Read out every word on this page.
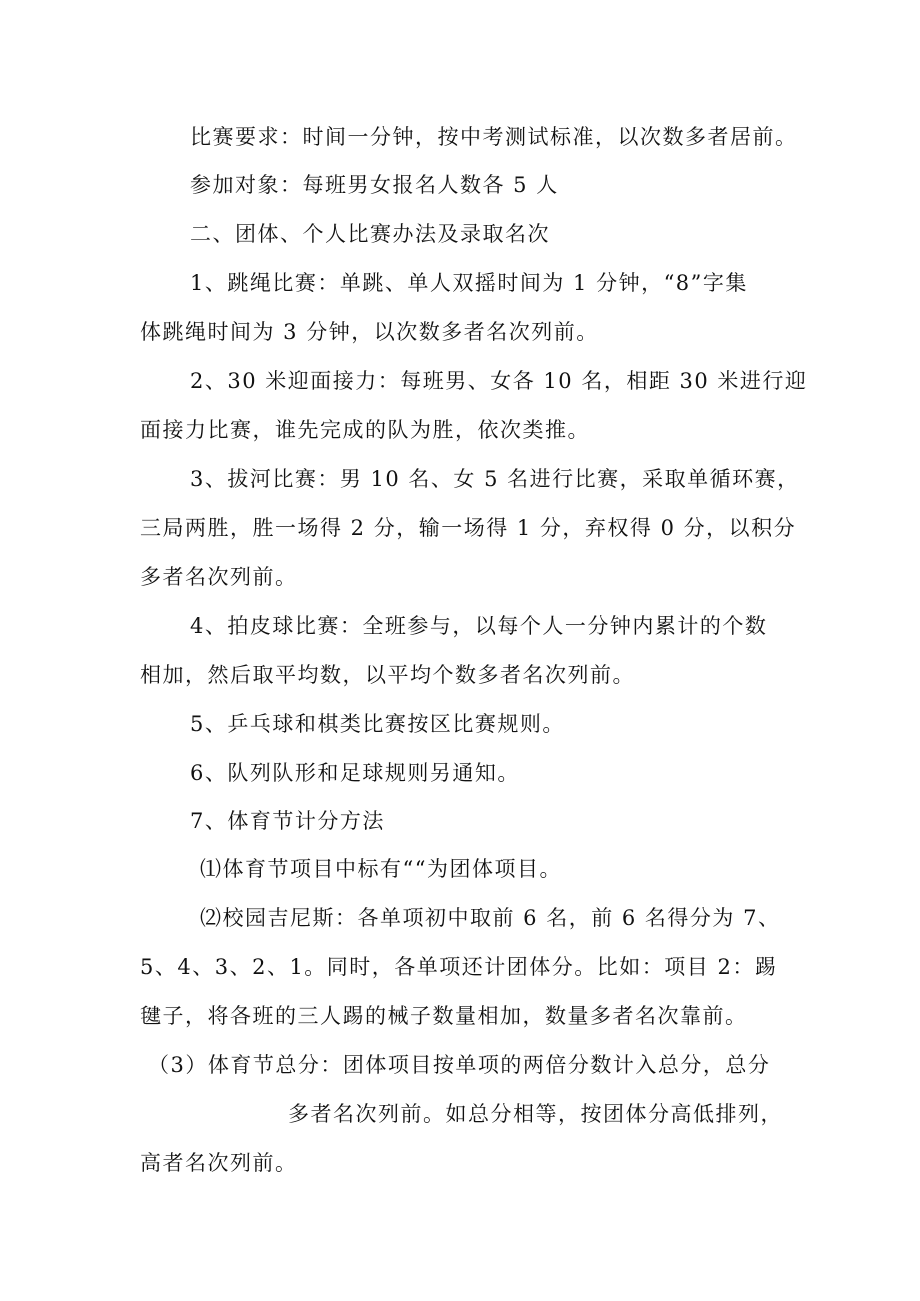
比赛要求：时间一分钟，按中考测试标准，以次数多者居前。
参加对象：每班男女报名人数各 5 人
二、团体、个人比赛办法及录取名次
1、跳绳比赛：单跳、单人双摇时间为 1 分钟，“8”字集
体跳绳时间为 3 分钟，以次数多者名次列前。
2、30 米迎面接力：每班男、女各 10 名，相距 30 米进行迎
面接力比赛，谁先完成的队为胜，依次类推。
3、拔河比赛：男 10 名、女 5 名进行比赛，采取单循环赛，
三局两胜，胜一场得 2 分，输一场得 1 分，弃权得 0 分，以积分
多者名次列前。
4、拍皮球比赛：全班参与，以每个人一分钟内累计的个数
相加，然后取平均数，以平均个数多者名次列前。
5、乒乓球和棋类比赛按区比赛规则。
6、队列队形和足球规则另通知。
7、体育节计分方法
⑴体育节项目中标有““为团体项目。
⑵校园吉尼斯：各单项初中取前 6 名，前 6 名得分为 7、
5、4、3、2、1。同时，各单项还计团体分。比如：项目 2：踢
毽子，将各班的三人踢的械子数量相加，数量多者名次靠前。
（3）体育节总分：团体项目按单项的两倍分数计入总分，总分
多者名次列前。如总分相等，按团体分高低排列，
高者名次列前。
